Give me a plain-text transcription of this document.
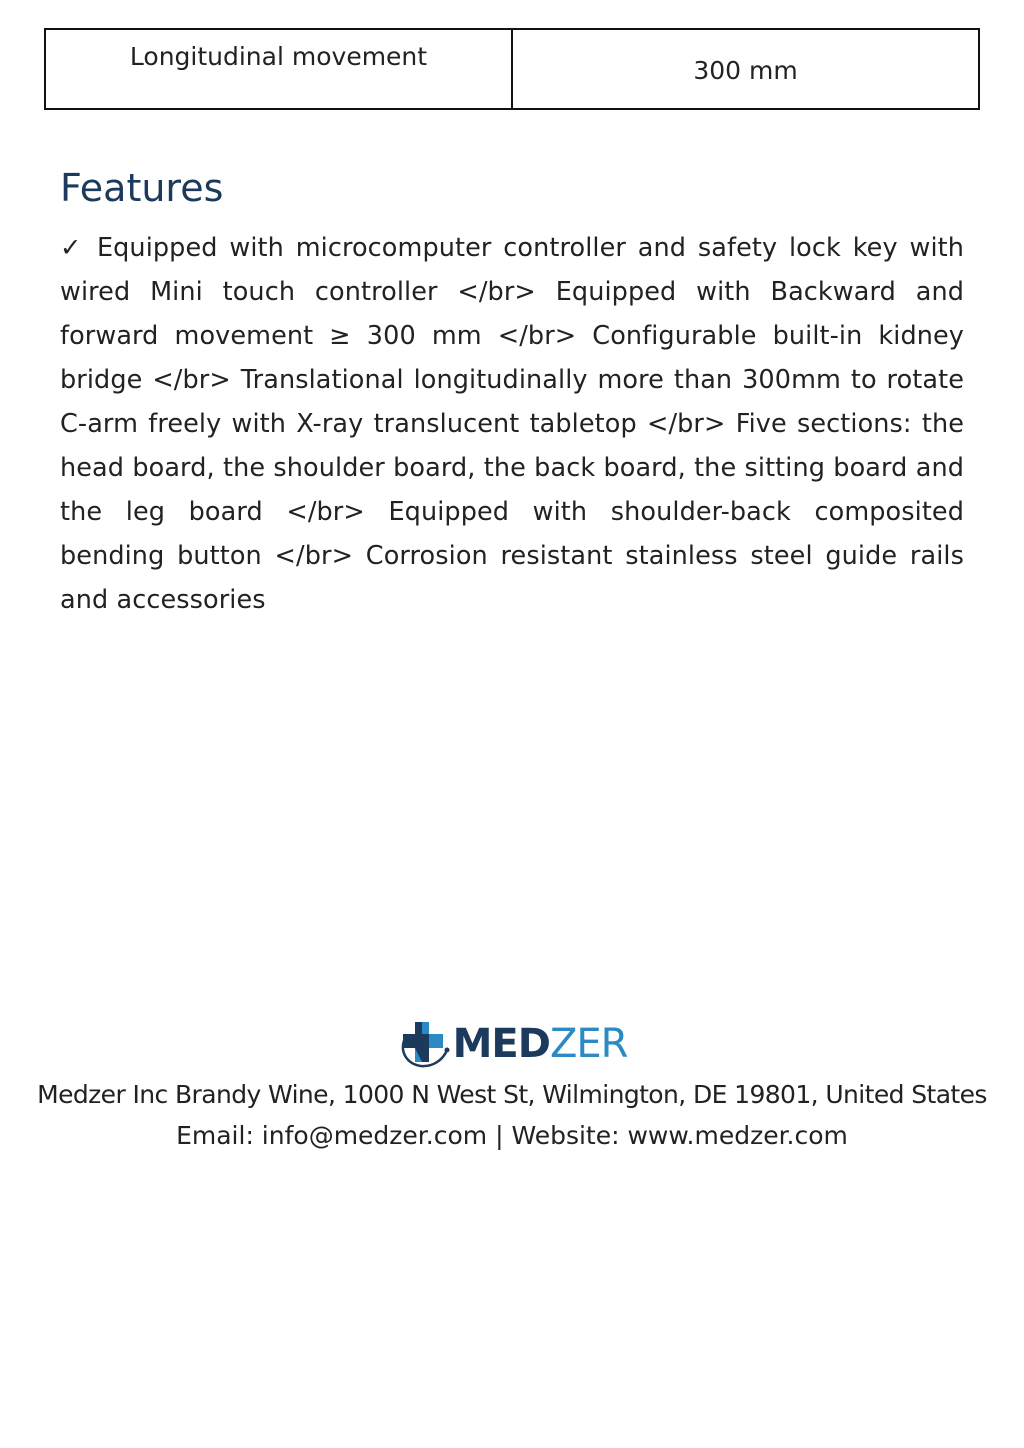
Longitudinal movement	300 mm
Features

✓ Equipped with microcomputer controller and safety lock key with wired Mini touch controller </br> Equipped with Backward and forward movement ≥ 300 mm </br> Configurable built-in kidney bridge </br> Translational longitudinally more than 300mm to rotate C-arm freely with X-ray translucent tabletop </br> Five sections: the head board, the shoulder board, the back board, the sitting board and the leg board </br> Equipped with shoulder-back composited bending button </br> Corrosion resistant stainless steel guide rails and accessories

MEDZER

Medzer Inc Brandy Wine, 1000 N West St, Wilmington, DE 19801, United States

Email: info@medzer.com | Website: www.medzer.com
